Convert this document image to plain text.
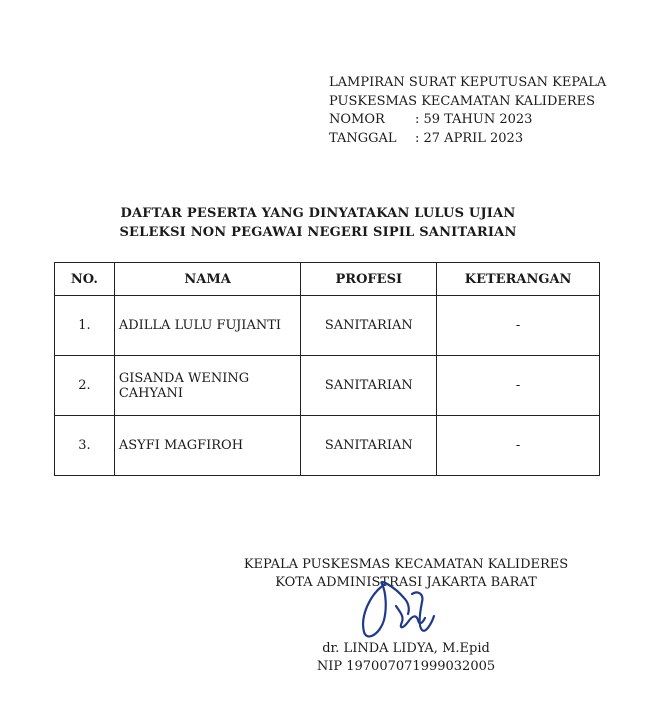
LAMPIRAN SURAT KEPUTUSAN KEPALA
PUSKESMAS KECAMATAN KALIDERES
NOMOR	: 59 TAHUN 2023
TANGGAL	: 27 APRIL 2023
DAFTAR PESERTA YANG DINYATAKAN LULUS UJIAN
SELEKSI NON PEGAWAI NEGERI SIPIL SANITARIAN
NO.	NAMA	PROFESI	KETERANGAN
1.	ADILLA LULU FUJIANTI	SANITARIAN	-
2.	GISANDA WENING CAHYANI	SANITARIAN	-
3.	ASYFI MAGFIROH	SANITARIAN	-
KEPALA PUSKESMAS KECAMATAN KALIDERES
KOTA ADMINISTRASI JAKARTA BARAT
dr. LINDA LIDYA, M.Epid
NIP 197007071999032005
